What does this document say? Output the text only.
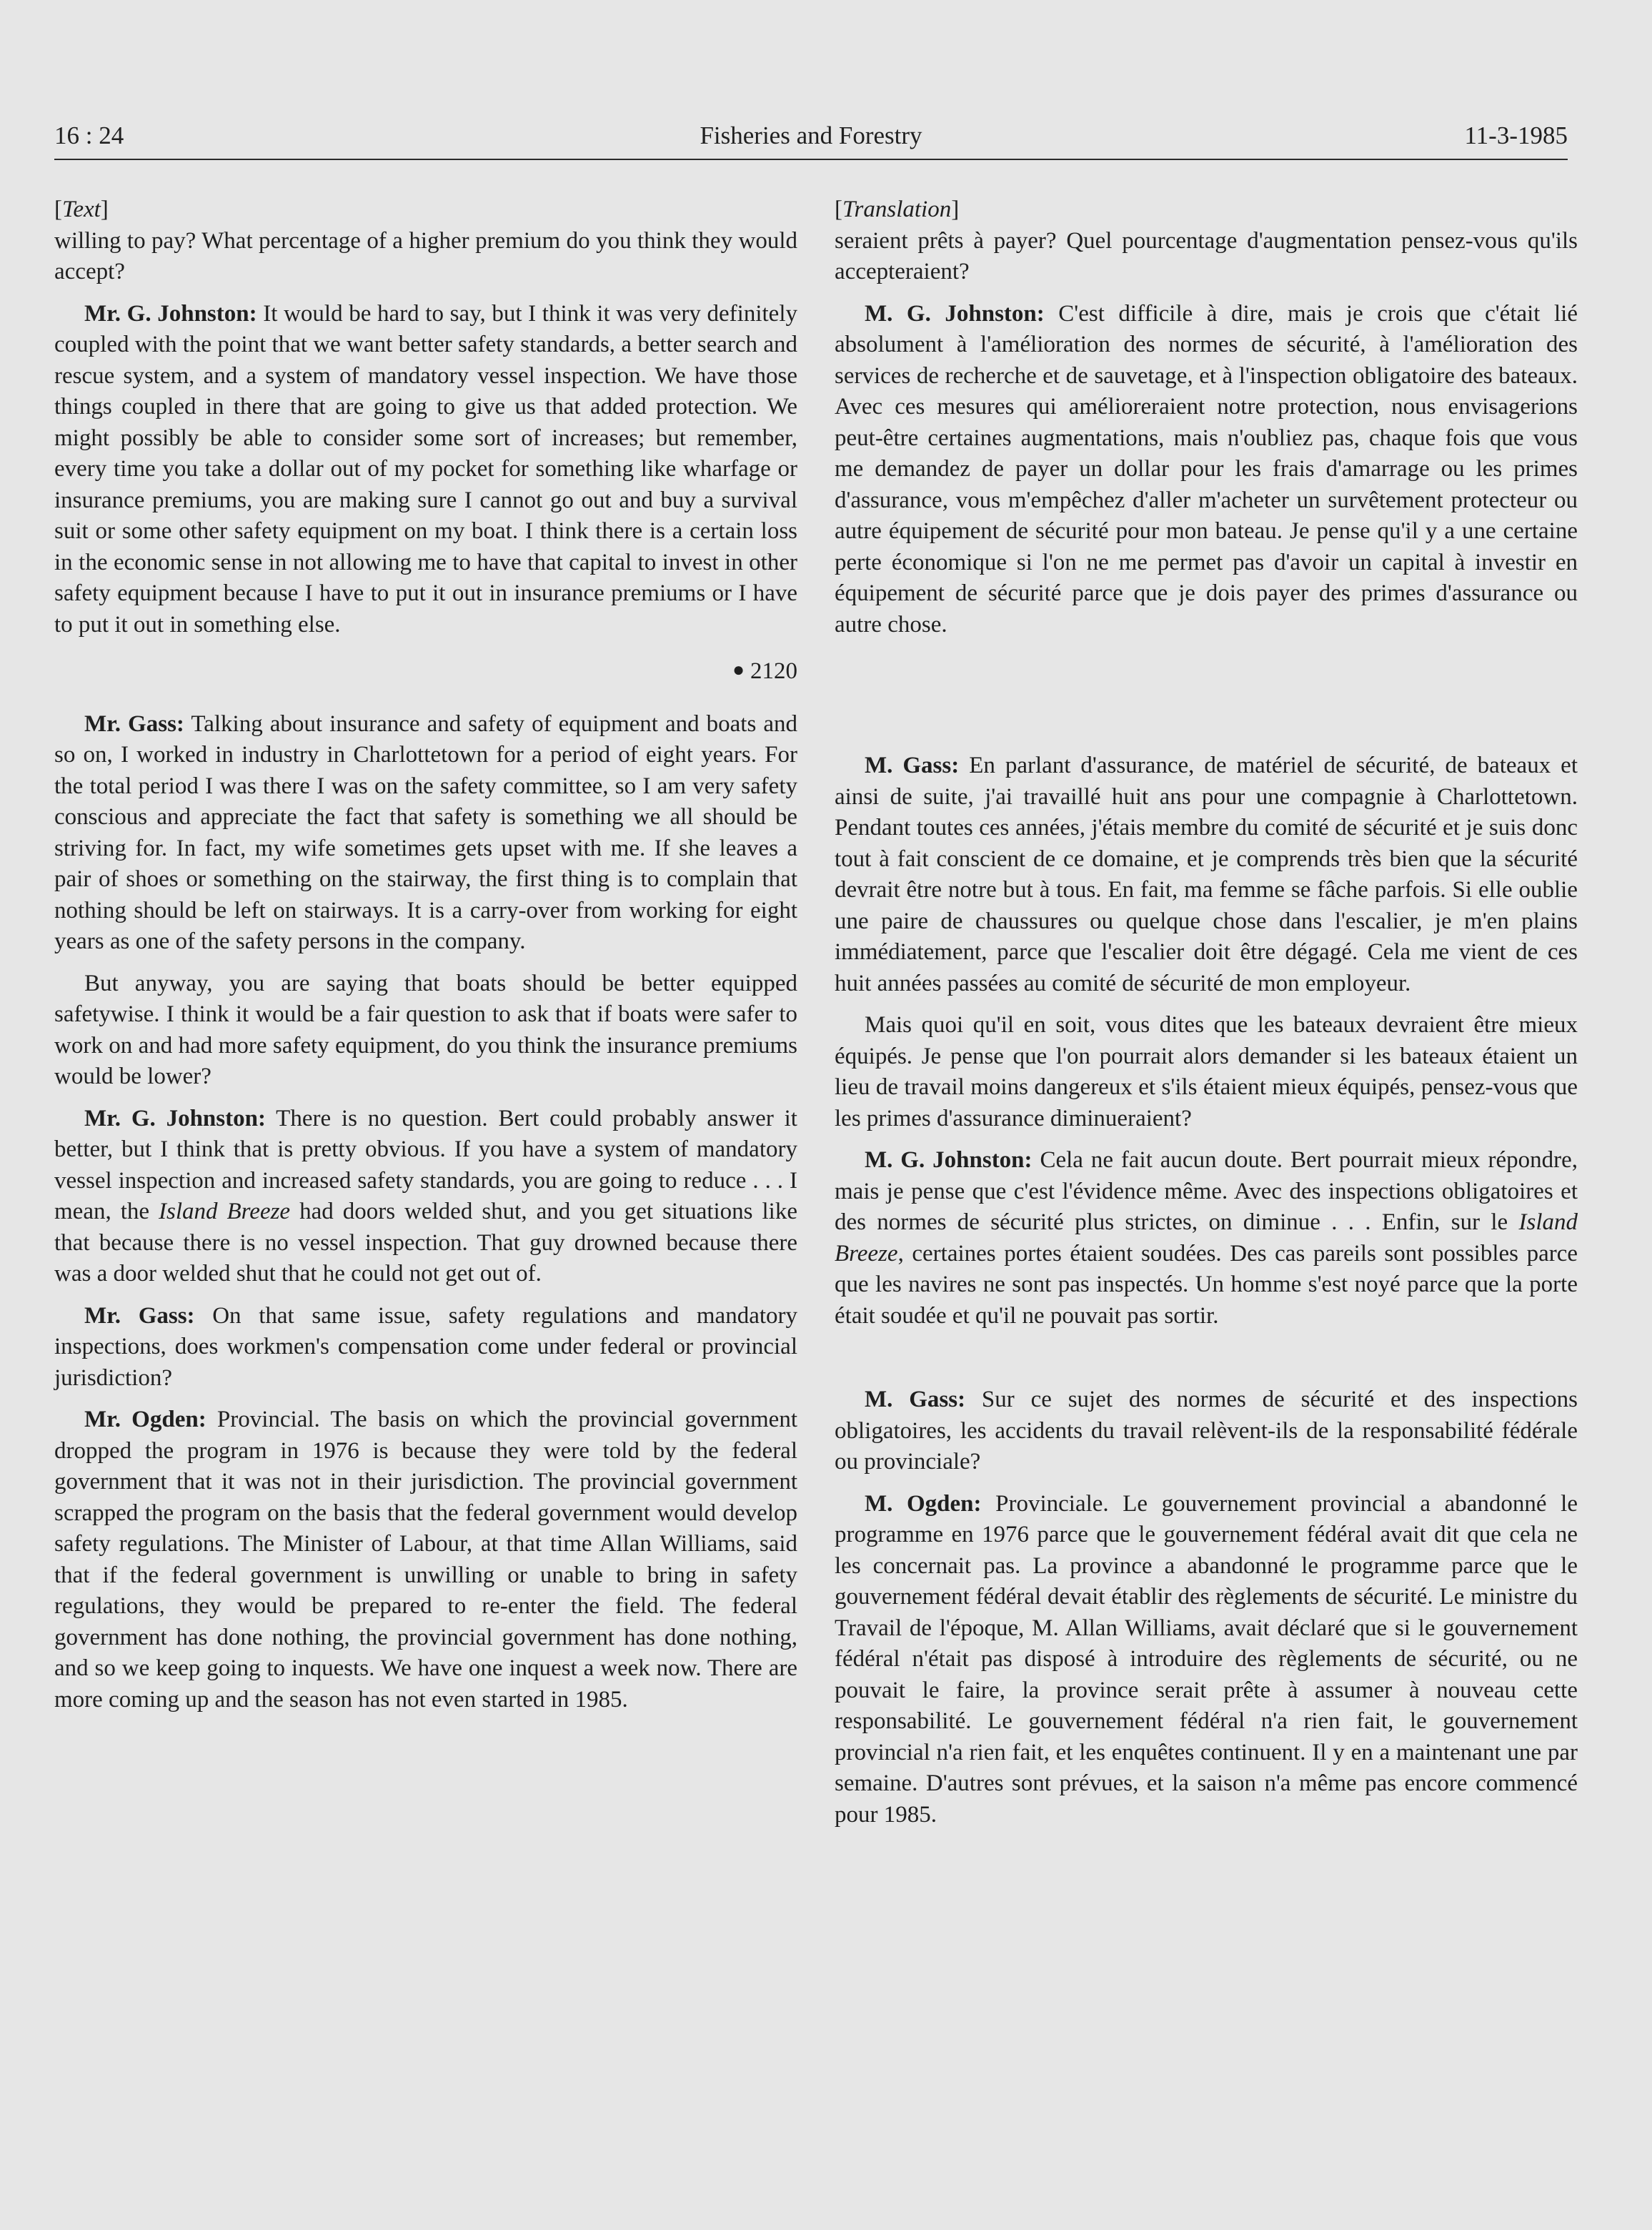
Fisheries and Forestry
16 : 24	11-3-1985
[Text]

willing to pay? What percentage of a higher premium do you think they would accept?

Mr. G. Johnston: It would be hard to say, but I think it was very definitely coupled with the point that we want better safety standards, a better search and rescue system, and a system of mandatory vessel inspection. We have those things coupled in there that are going to give us that added protection. We might possibly be able to consider some sort of increases; but remember, every time you take a dollar out of my pocket for something like wharfage or insurance premiums, you are making sure I cannot go out and buy a survival suit or some other safety equipment on my boat. I think there is a certain loss in the economic sense in not allowing me to have that capital to invest in other safety equipment because I have to put it out in insurance premiums or I have to put it out in something else.

● 2120

Mr. Gass: Talking about insurance and safety of equipment and boats and so on, I worked in industry in Charlottetown for a period of eight years. For the total period I was there I was on the safety committee, so I am very safety conscious and appreciate the fact that safety is something we all should be striving for. In fact, my wife sometimes gets upset with me. If she leaves a pair of shoes or something on the stairway, the first thing is to complain that nothing should be left on stairways. It is a carry-over from working for eight years as one of the safety persons in the company.

But anyway, you are saying that boats should be better equipped safetywise. I think it would be a fair question to ask that if boats were safer to work on and had more safety equipment, do you think the insurance premiums would be lower?

Mr. G. Johnston: There is no question. Bert could probably answer it better, but I think that is pretty obvious. If you have a system of mandatory vessel inspection and increased safety standards, you are going to reduce . . . I mean, the Island Breeze had doors welded shut, and you get situations like that because there is no vessel inspection. That guy drowned because there was a door welded shut that he could not get out of.

Mr. Gass: On that same issue, safety regulations and mandatory inspections, does workmen's compensation come under federal or provincial jurisdiction?

Mr. Ogden: Provincial. The basis on which the provincial government dropped the program in 1976 is because they were told by the federal government that it was not in their jurisdiction. The provincial government scrapped the program on the basis that the federal government would develop safety regulations. The Minister of Labour, at that time Allan Williams, said that if the federal government is unwilling or unable to bring in safety regulations, they would be prepared to re-enter the field. The federal government has done nothing, the provincial government has done nothing, and so we keep going to inquests. We have one inquest a week now. There are more coming up and the season has not even started in 1985.

[Translation]

seraient prêts à payer? Quel pourcentage d'augmentation pensez-vous qu'ils accepteraient?

M. G. Johnston: C'est difficile à dire, mais je crois que c'était lié absolument à l'amélioration des normes de sécurité, à l'amélioration des services de recherche et de sauvetage, et à l'inspection obligatoire des bateaux. Avec ces mesures qui amélioreraient notre protection, nous envisagerions peut-être certaines augmentations, mais n'oubliez pas, chaque fois que vous me demandez de payer un dollar pour les frais d'amarrage ou les primes d'assurance, vous m'empêchez d'aller m'acheter un survêtement protecteur ou autre équipement de sécurité pour mon bateau. Je pense qu'il y a une certaine perte économique si l'on ne me permet pas d'avoir un capital à investir en équipement de sécurité parce que je dois payer des primes d'assurance ou autre chose.

M. Gass: En parlant d'assurance, de matériel de sécurité, de bateaux et ainsi de suite, j'ai travaillé huit ans pour une compagnie à Charlottetown. Pendant toutes ces années, j'étais membre du comité de sécurité et je suis donc tout à fait conscient de ce domaine, et je comprends très bien que la sécurité devrait être notre but à tous. En fait, ma femme se fâche parfois. Si elle oublie une paire de chaussures ou quelque chose dans l'escalier, je m'en plains immédiatement, parce que l'escalier doit être dégagé. Cela me vient de ces huit années passées au comité de sécurité de mon employeur.

Mais quoi qu'il en soit, vous dites que les bateaux devraient être mieux équipés. Je pense que l'on pourrait alors demander si les bateaux étaient un lieu de travail moins dangereux et s'ils étaient mieux équipés, pensez-vous que les primes d'assurance diminueraient?

M. G. Johnston: Cela ne fait aucun doute. Bert pourrait mieux répondre, mais je pense que c'est l'évidence même. Avec des inspections obligatoires et des normes de sécurité plus strictes, on diminue . . . Enfin, sur le Island Breeze, certaines portes étaient soudées. Des cas pareils sont possibles parce que les navires ne sont pas inspectés. Un homme s'est noyé parce que la porte était soudée et qu'il ne pouvait pas sortir.

M. Gass: Sur ce sujet des normes de sécurité et des inspections obligatoires, les accidents du travail relèvent-ils de la responsabilité fédérale ou provinciale?

M. Ogden: Provinciale. Le gouvernement provincial a abandonné le programme en 1976 parce que le gouvernement fédéral avait dit que cela ne les concernait pas. La province a abandonné le programme parce que le gouvernement fédéral devait établir des règlements de sécurité. Le ministre du Travail de l'époque, M. Allan Williams, avait déclaré que si le gouvernement fédéral n'était pas disposé à introduire des règlements de sécurité, ou ne pouvait le faire, la province serait prête à assumer à nouveau cette responsabilité. Le gouvernement fédéral n'a rien fait, le gouvernement provincial n'a rien fait, et les enquêtes continuent. Il y en a maintenant une par semaine. D'autres sont prévues, et la saison n'a même pas encore commencé pour 1985.
